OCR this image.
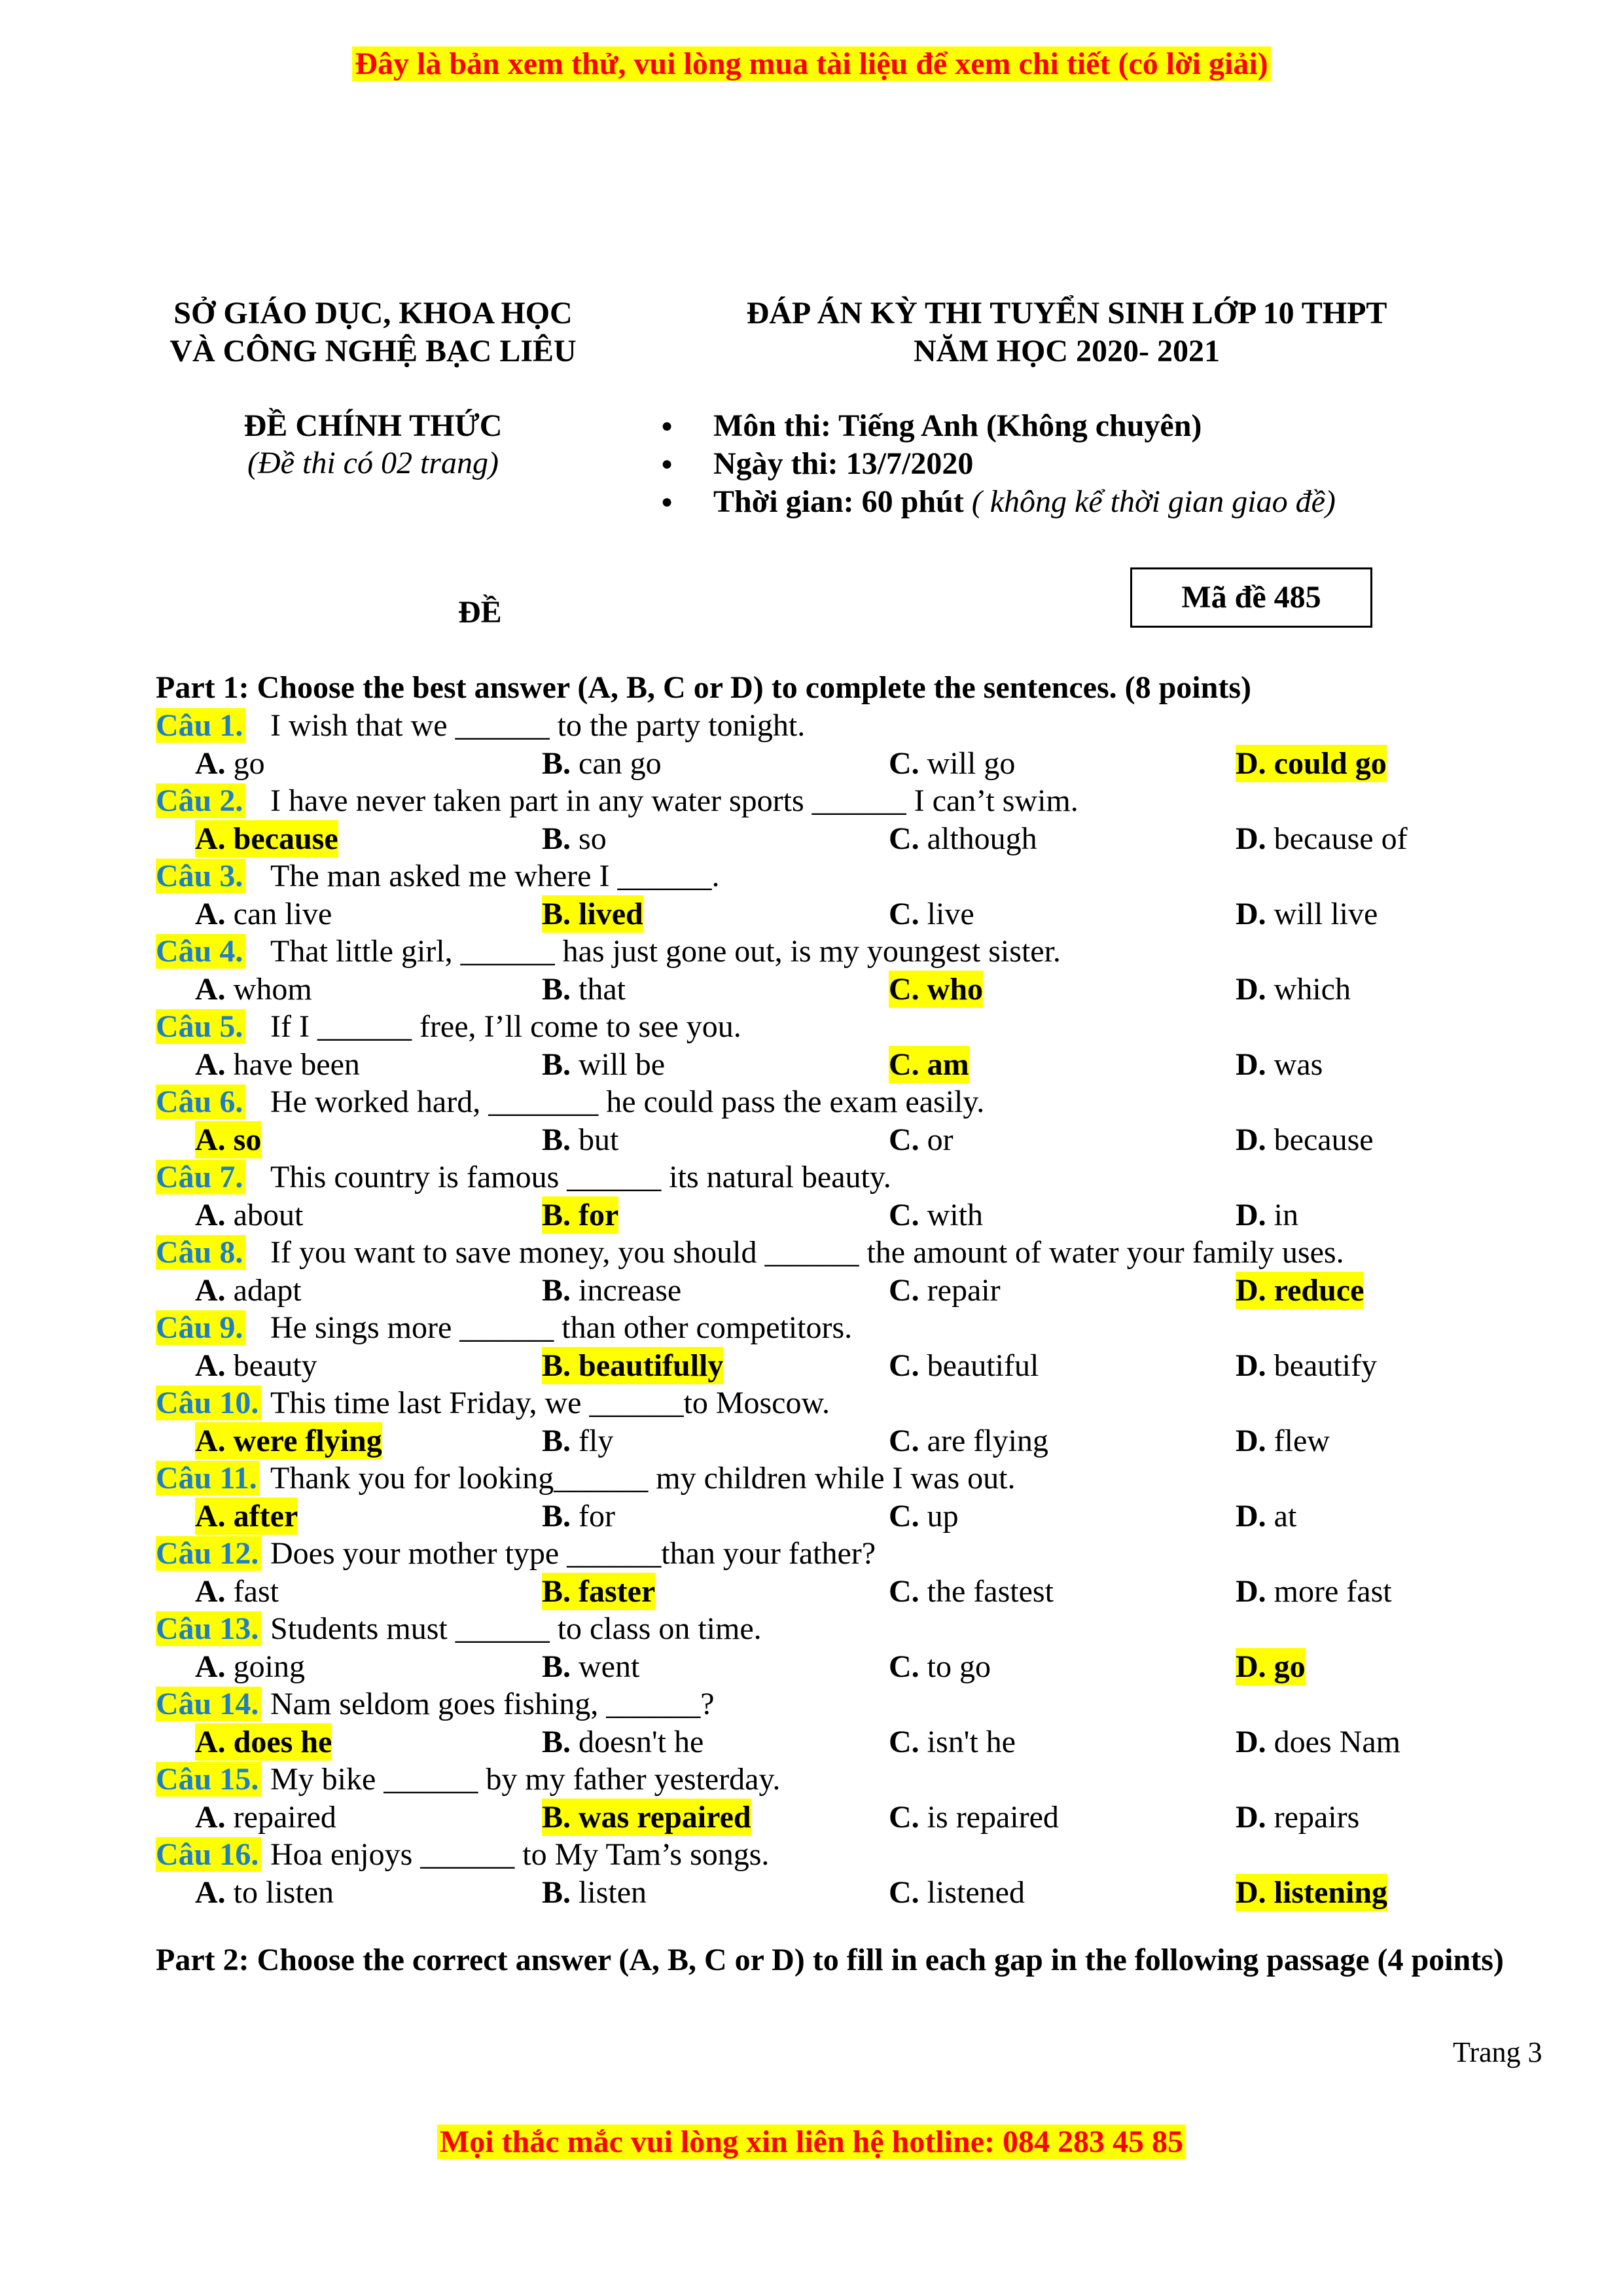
Đây là bản xem thử, vui lòng mua tài liệu để xem chi tiết (có lời giải)
SỞ GIÁO DỤC, KHOA HỌC
VÀ CÔNG NGHỆ BẠC LIÊU
ĐÁP ÁN KỲ THI TUYỂN SINH LỚP 10 THPT
NĂM HỌC 2020- 2021
ĐỀ CHÍNH THỨC
(Đề thi có 02 trang)
● Môn thi: Tiếng Anh (Không chuyên)
● Ngày thi: 13/7/2020
● Thời gian: 60 phút ( không kể thời gian giao đề)
ĐỀ	Mã đề 485
Part 1: Choose the best answer (A, B, C or D) to complete the sentences. (8 points)
Câu 1. I wish that we ______ to the party tonight.
A. go	B. can go	C. will go	D. could go
Câu 2. I have never taken part in any water sports ______ I can’t swim.
A. because	B. so	C. although	D. because of
Câu 3. The man asked me where I ______.
A. can live	B. lived	C. live	D. will live
Câu 4. That little girl, ______ has just gone out, is my youngest sister.
A. whom	B. that	C. who	D. which
Câu 5. If I ______ free, I’ll come to see you.
A. have been	B. will be	C. am	D. was
Câu 6. He worked hard, _______ he could pass the exam easily.
A. so	B. but	C. or	D. because
Câu 7. This country is famous ______ its natural beauty.
A. about	B. for	C. with	D. in
Câu 8. If you want to save money, you should ______ the amount of water your family uses.
A. adapt	B. increase	C. repair	D. reduce
Câu 9. He sings more ______ than other competitors.
A. beauty	B. beautifully	C. beautiful	D. beautify
Câu 10. This time last Friday, we ______to Moscow.
A. were flying	B. fly	C. are flying	D. flew
Câu 11. Thank you for looking______ my children while I was out.
A. after	B. for	C. up	D. at
Câu 12. Does your mother type ______than your father?
A. fast	B. faster	C. the fastest	D. more fast
Câu 13. Students must ______ to class on time.
A. going	B. went	C. to go	D. go
Câu 14. Nam seldom goes fishing, ______?
A. does he	B. doesn't he	C. isn't he	D. does Nam
Câu 15. My bike ______ by my father yesterday.
A. repaired	B. was repaired	C. is repaired	D. repairs
Câu 16. Hoa enjoys ______ to My Tam’s songs.
A. to listen	B. listen	C. listened	D. listening
Part 2: Choose the correct answer (A, B, C or D) to fill in each gap in the following passage (4 points)
Trang 3
Mọi thắc mắc vui lòng xin liên hệ hotline: 084 283 45 85
